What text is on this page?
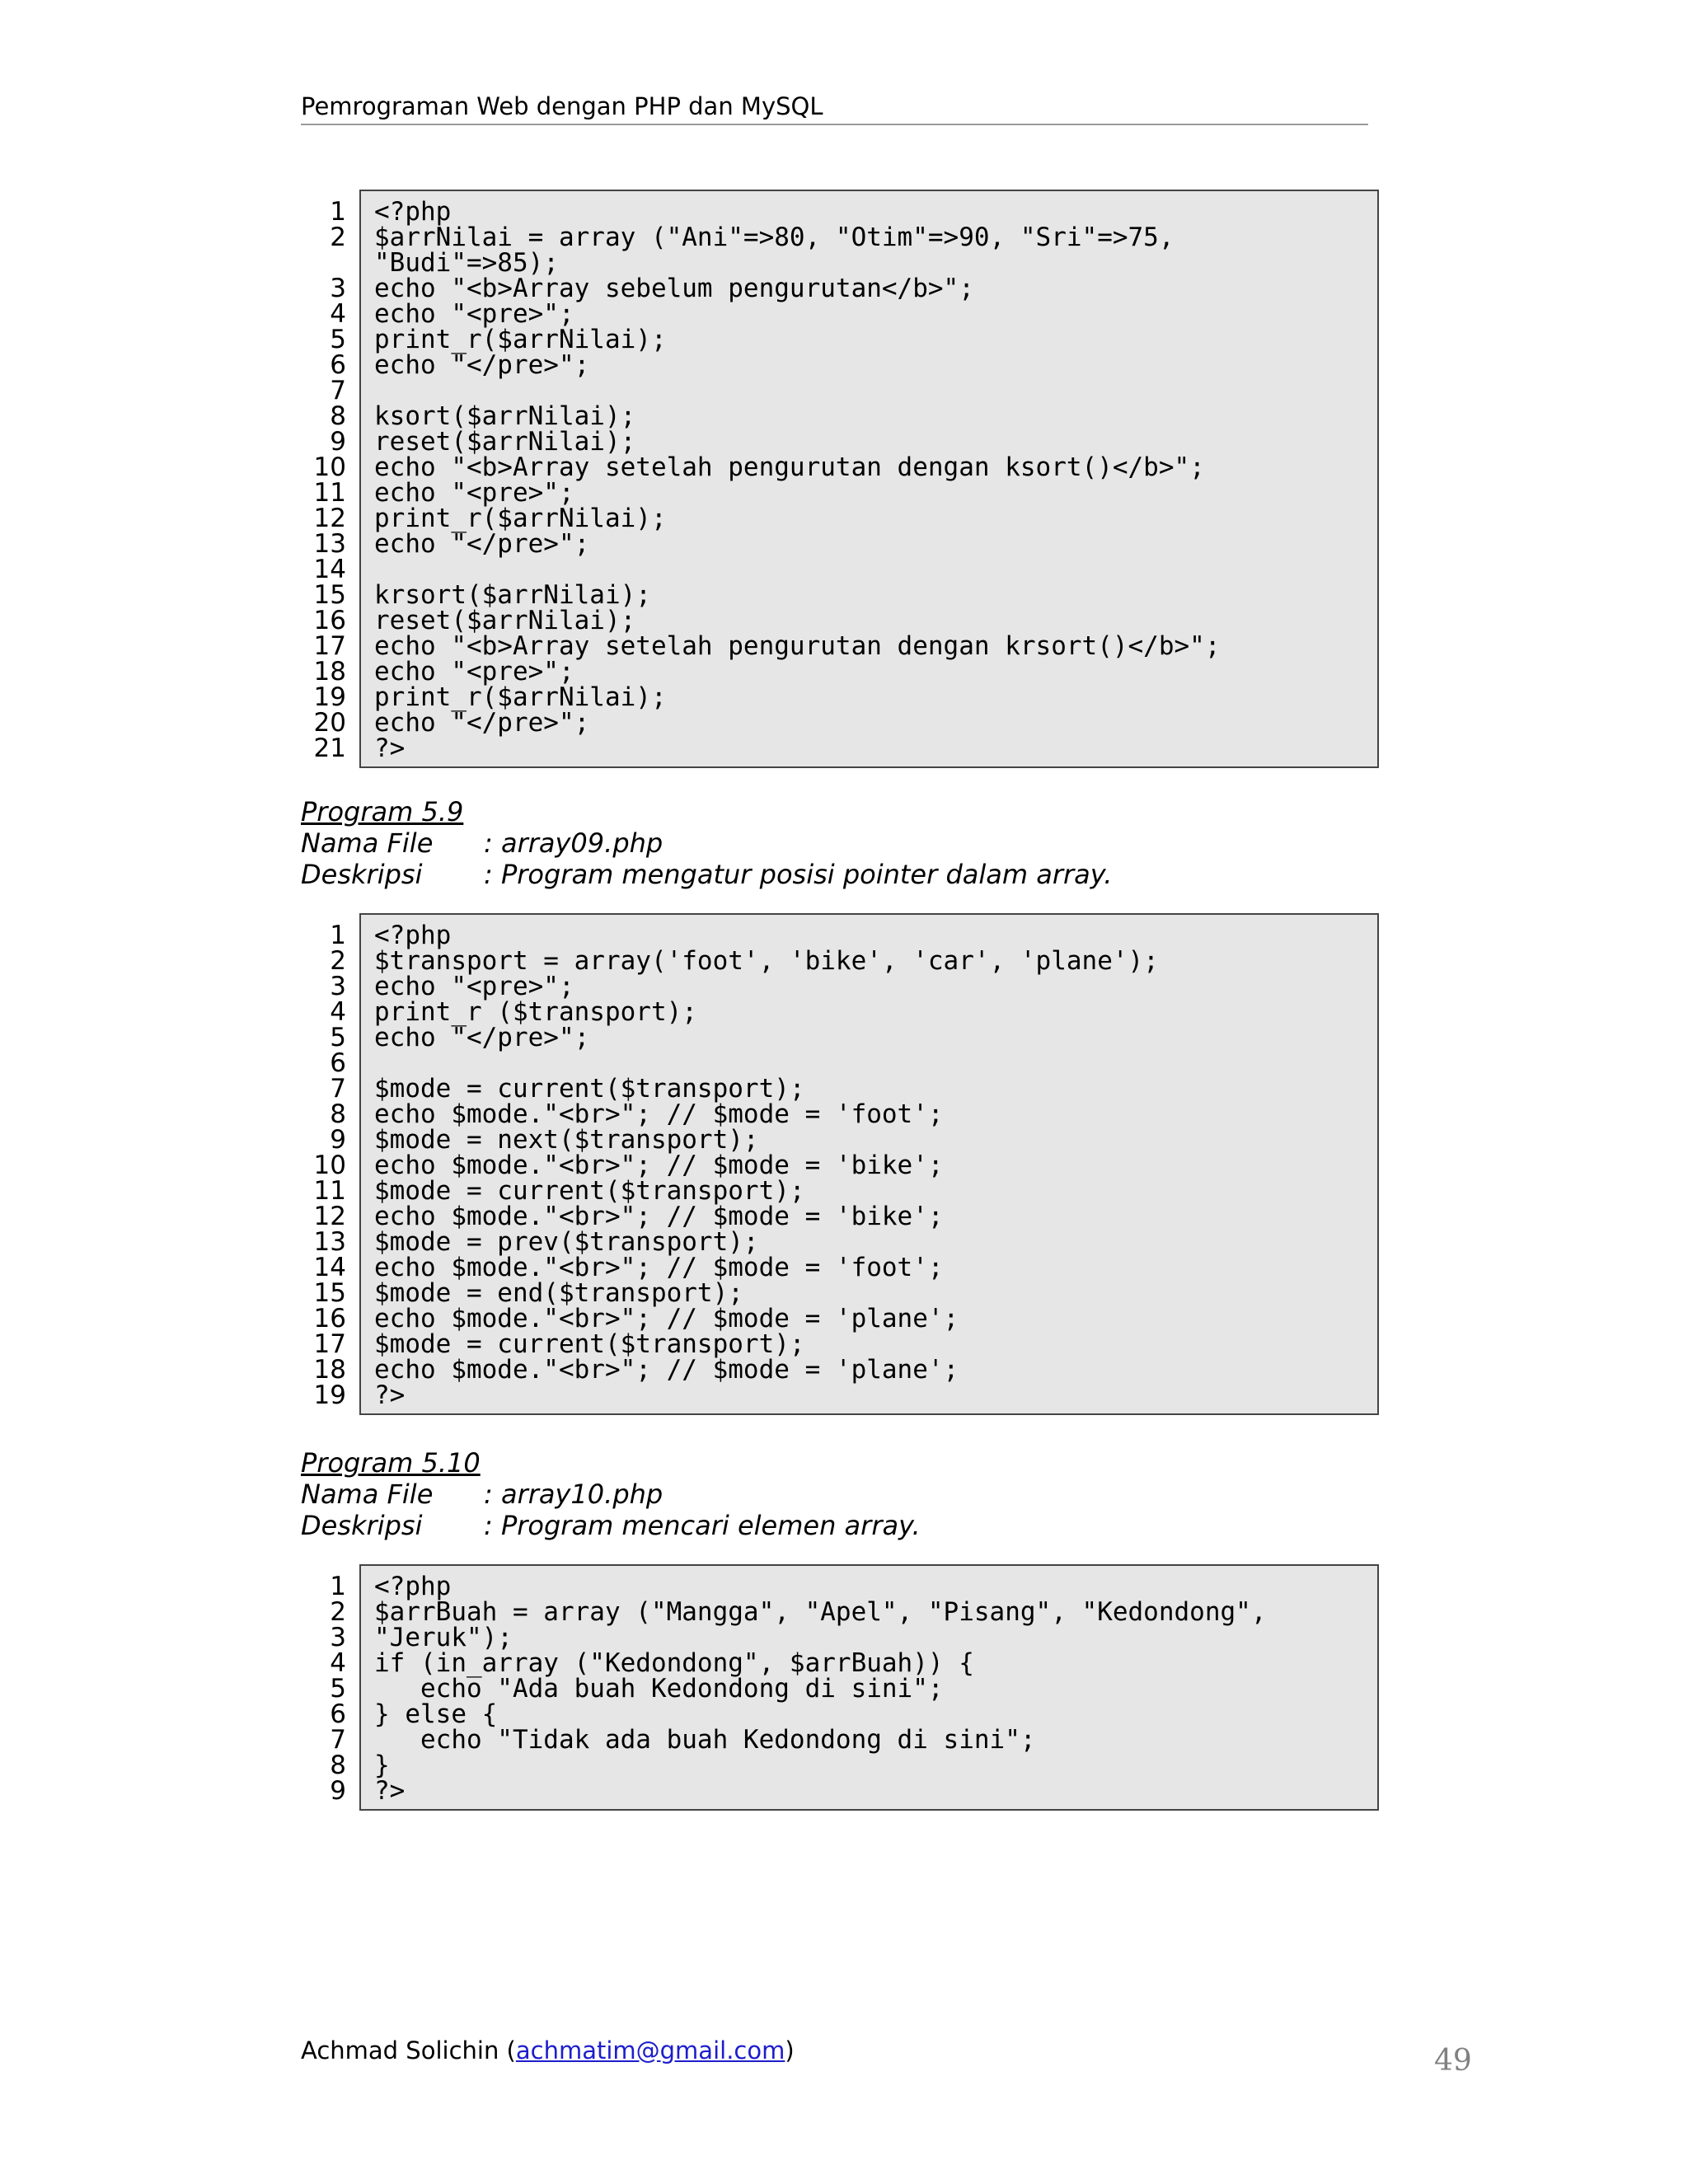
Pemrograman Web dengan PHP dan MySQL
1
2
3
4
5
6
7
8
9
10
11
12
13
14
15
16
17
18
19
20
21
<?php
$arrNilai = array ("Ani"=>80, "Otim"=>90, "Sri"=>75,
"Budi"=>85);
echo "<b>Array sebelum pengurutan</b>";
echo "<pre>";
print_r($arrNilai);
echo "</pre>";
ksort($arrNilai);
reset($arrNilai);
echo "<b>Array setelah pengurutan dengan ksort()</b>";
echo "<pre>";
print_r($arrNilai);
echo "</pre>";
krsort($arrNilai);
reset($arrNilai);
echo "<b>Array setelah pengurutan dengan krsort()</b>";
echo "<pre>";
print_r($arrNilai);
echo "</pre>";
?>
Program 5.9
Nama File	: array09.php
Deskripsi	: Program mengatur posisi pointer dalam array.
1
2
3
4
5
6
7
8
9
10
11
12
13
14
15
16
17
18
19
<?php
$transport = array('foot', 'bike', 'car', 'plane');
echo "<pre>";
print_r ($transport);
echo "</pre>";
$mode = current($transport);
echo $mode."<br>"; // $mode = 'foot';
$mode = next($transport);
echo $mode."<br>"; // $mode = 'bike';
$mode = current($transport);
echo $mode."<br>"; // $mode = 'bike';
$mode = prev($transport);
echo $mode."<br>"; // $mode = 'foot';
$mode = end($transport);
echo $mode."<br>"; // $mode = 'plane';
$mode = current($transport);
echo $mode."<br>"; // $mode = 'plane';
?>
Program 5.10
Nama File	: array10.php
Deskripsi	: Program mencari elemen array.
1
2
3
4
5
6
7
8
9
<?php
$arrBuah = array ("Mangga", "Apel", "Pisang", "Kedondong",
"Jeruk");
if (in_array ("Kedondong", $arrBuah)) {
echo "Ada buah Kedondong di sini";
} else {
echo "Tidak ada buah Kedondong di sini";
}
?>
Achmad Solichin (achmatim@gmail.com)	49
